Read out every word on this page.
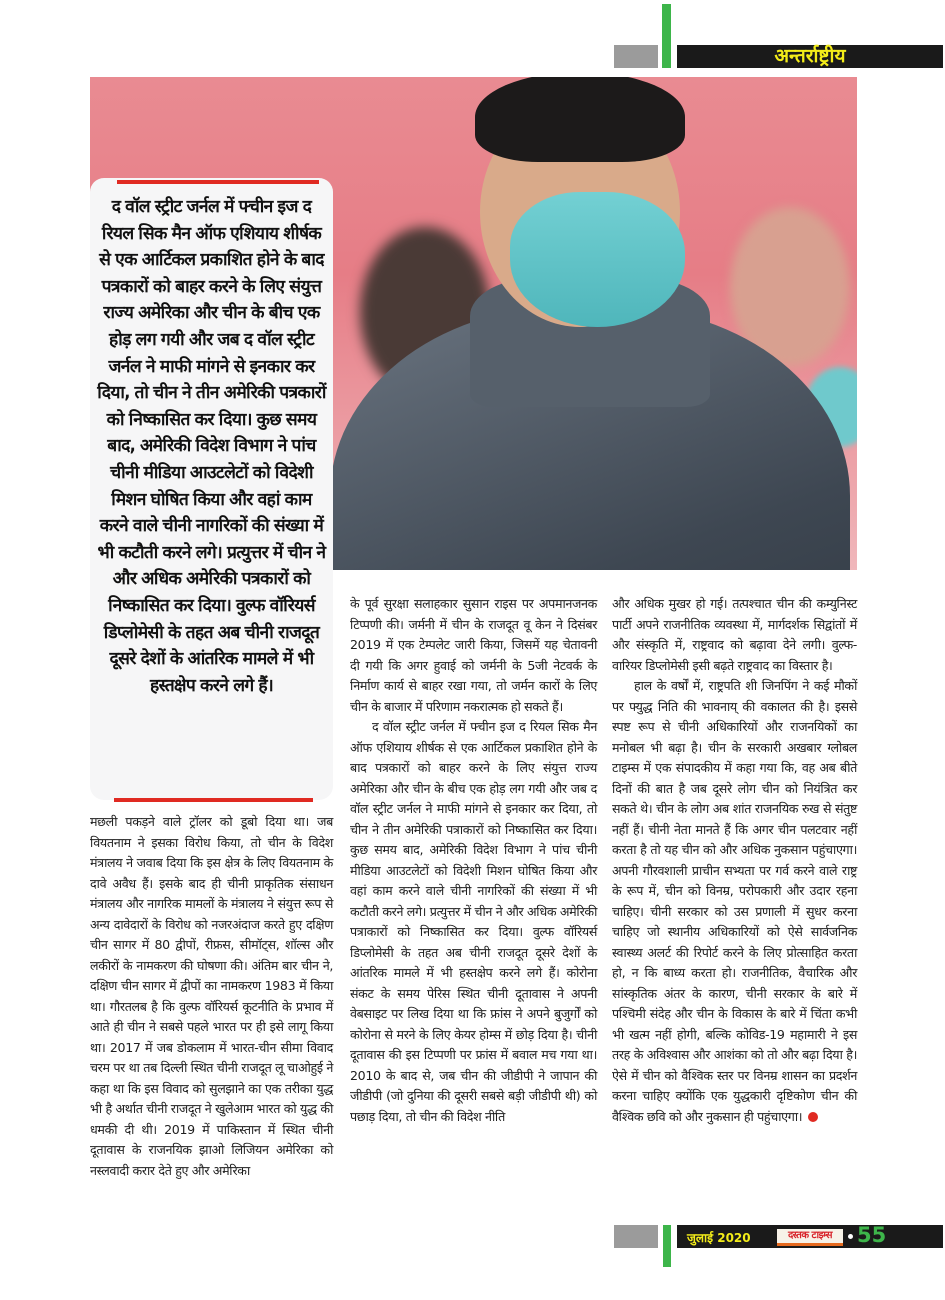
अन्तर्राष्ट्रीय
द वॉल स्ट्रीट जर्नल में फ्चीन इज द रियल सिक मैन ऑफ एशियाय शीर्षक से एक आर्टिकल प्रकाशित होने के बाद पत्रकारों को बाहर करने के लिए संयुत्त राज्य अमेरिका और चीन के बीच एक होड़ लग गयी और जब द वॉल स्ट्रीट जर्नल ने माफी मांगने से इनकार कर दिया, तो चीन ने तीन अमेरिकी पत्रकारों को निष्कासित कर दिया। कुछ समय बाद, अमेरिकी विदेश विभाग ने पांच चीनी मीडिया आउटलेटों को विदेशी मिशन घोषित किया और वहां काम करने वाले चीनी नागरिकों की संख्या में भी कटौती करने लगे। प्रत्युत्तर में चीन ने और अधिक अमेरिकी पत्रकारों को निष्कासित कर दिया। वुल्फ वॉरियर्स डिप्लोमेसी के तहत अब चीनी राजदूत दूसरे देशों के आंतरिक मामले में भी हस्तक्षेप करने लगे हैं।

मछली पकड़ने वाले ट्रॉलर को डूबो दिया था। जब वियतनाम ने इसका विरोध किया, तो चीन के विदेश मंत्रालय ने जवाब दिया कि इस क्षेत्र के लिए वियतनाम के दावे अवैध हैं। इसके बाद ही चीनी प्राकृतिक संसाधन मंत्रालय और नागरिक मामलों के मंत्रालय ने संयुत्त रूप से अन्य दावेदारों के विरोध को नजरअंदाज करते हुए दक्षिण चीन सागर में 80 द्वीपों, रीफ्रस, सीमॉट्स, शॉल्स और लकीरों के नामकरण की घोषणा की। अंतिम बार चीन ने, दक्षिण चीन सागर में द्वीपों का नामकरण 1983 में किया था। गौरतलब है कि वुल्फ वॉरियर्स कूटनीति के प्रभाव में आते ही चीन ने सबसे पहले भारत पर ही इसे लागू किया था। 2017 में जब डोकलाम में भारत-चीन सीमा विवाद चरम पर था तब दिल्ली स्थित चीनी राजदूत लू चाओहुई ने कहा था कि इस विवाद को सुलझाने का एक तरीका युद्ध भी है अर्थात चीनी राजदूत ने खुलेआम भारत को युद्ध की धमकी दी थी। 2019 में पाकिस्तान में स्थित चीनी दूतावास के राजनयिक झाओ लिजियन अमेरिका को नस्लवादी करार देते हुए और अमेरिका

के पूर्व सुरक्षा सलाहकार सुसान राइस पर अपमानजनक टिप्पणी की। जर्मनी में चीन के राजदूत वू केन ने दिसंबर 2019 में एक टेम्पलेट जारी किया, जिसमें यह चेतावनी दी गयी कि अगर हुवाई को जर्मनी के 5जी नेटवर्क के निर्माण कार्य से बाहर रखा गया, तो जर्मन कारों के लिए चीन के बाजार में परिणाम नकरात्मक हो सकते हैं।

द वॉल स्ट्रीट जर्नल में फ्चीन इज द रियल सिक मैन ऑफ एशियाय शीर्षक से एक आर्टिकल प्रकाशित होने के बाद पत्रकारों को बाहर करने के लिए संयुत्त राज्य अमेरिका और चीन के बीच एक होड़ लग गयी और जब द वॉल स्ट्रीट जर्नल ने माफी मांगने से इनकार कर दिया, तो चीन ने तीन अमेरिकी पत्राकारों को निष्कासित कर दिया। कुछ समय बाद, अमेरिकी विदेश विभाग ने पांच चीनी मीडिया आउटलेटों को विदेशी मिशन घोषित किया और वहां काम करने वाले चीनी नागरिकों की संख्या में भी कटौती करने लगे। प्रत्युत्तर में चीन ने और अधिक अमेरिकी पत्राकारों को निष्कासित कर दिया। वुल्फ वॉरियर्स डिप्लोमेसी के तहत अब चीनी राजदूत दूसरे देशों के आंतरिक मामले में भी हस्तक्षेप करने लगे हैं। कोरोना संकट के समय पेरिस स्थित चीनी दूतावास ने अपनी वेबसाइट पर लिख दिया था कि फ्रांस ने अपने बुजुर्गों को कोरोना से मरने के लिए केयर होम्स में छोड़ दिया है। चीनी दूतावास की इस टिप्पणी पर फ्रांस में बवाल मच गया था। 2010 के बाद से, जब चीन की जीडीपी ने जापान की जीडीपी (जो दुनिया की दूसरी सबसे बड़ी जीडीपी थी) को पछाड़ दिया, तो चीन की विदेश नीति

और अधिक मुखर हो गई। तत्पश्चात चीन की कम्युनिस्ट पार्टी अपने राजनीतिक व्यवस्था में, मार्गदर्शक सिद्वांतों में और संस्कृति में, राष्ट्रवाद को बढ़ावा देने लगी। वुल्फ-वारियर डिप्लोमेसी इसी बढ़ते राष्ट्रवाद का विस्तार है।

हाल के वर्षों में, राष्ट्रपति शी जिनपिंग ने कई मौकों पर फ्युद्ध निति की भावनाय् की वकालत की है। इससे स्पष्ट रूप से चीनी अधिकारियों और राजनयिकों का मनोबल भी बढ़ा है। चीन के सरकारी अखबार ग्लोबल टाइम्स में एक संपादकीय में कहा गया कि, वह अब बीते दिनों की बात है जब दूसरे लोग चीन को नियंत्रित कर सकते थे। चीन के लोग अब शांत राजनयिक रुख से संतुष्ट नहीं हैं। चीनी नेता मानते हैं कि अगर चीन पलटवार नहीं करता है तो यह चीन को और अधिक नुकसान पहुंचाएगा। अपनी गौरवशाली प्राचीन सभ्यता पर गर्व करने वाले राष्ट्र के रूप में, चीन को विनम्र, परोपकारी और उदार रहना चाहिए। चीनी सरकार को उस प्रणाली में सुधर करना चाहिए जो स्थानीय अधिकारियों को ऐसे सार्वजनिक स्वास्थ्य अलर्ट की रिपोर्ट करने के लिए प्रोत्साहित करता हो, न कि बाध्य करता हो। राजनीतिक, वैचारिक और सांस्कृतिक अंतर के कारण, चीनी सरकार के बारे में पश्चिमी संदेह और चीन के विकास के बारे में चिंता कभी भी खत्म नहीं होगी, बल्कि कोविड-19 महामारी ने इस तरह के अविश्वास और आशंका को तो और बढ़ा दिया है। ऐसे में चीन को वैश्विक स्तर पर विनम्र शासन का प्रदर्शन करना चाहिए क्योंकि एक युद्धकारी दृष्टिकोण चीन की वैश्विक छवि को और नुकसान ही पहुंचाएगा।

जुलाई 2020	दस्तक टाइम्स	55
